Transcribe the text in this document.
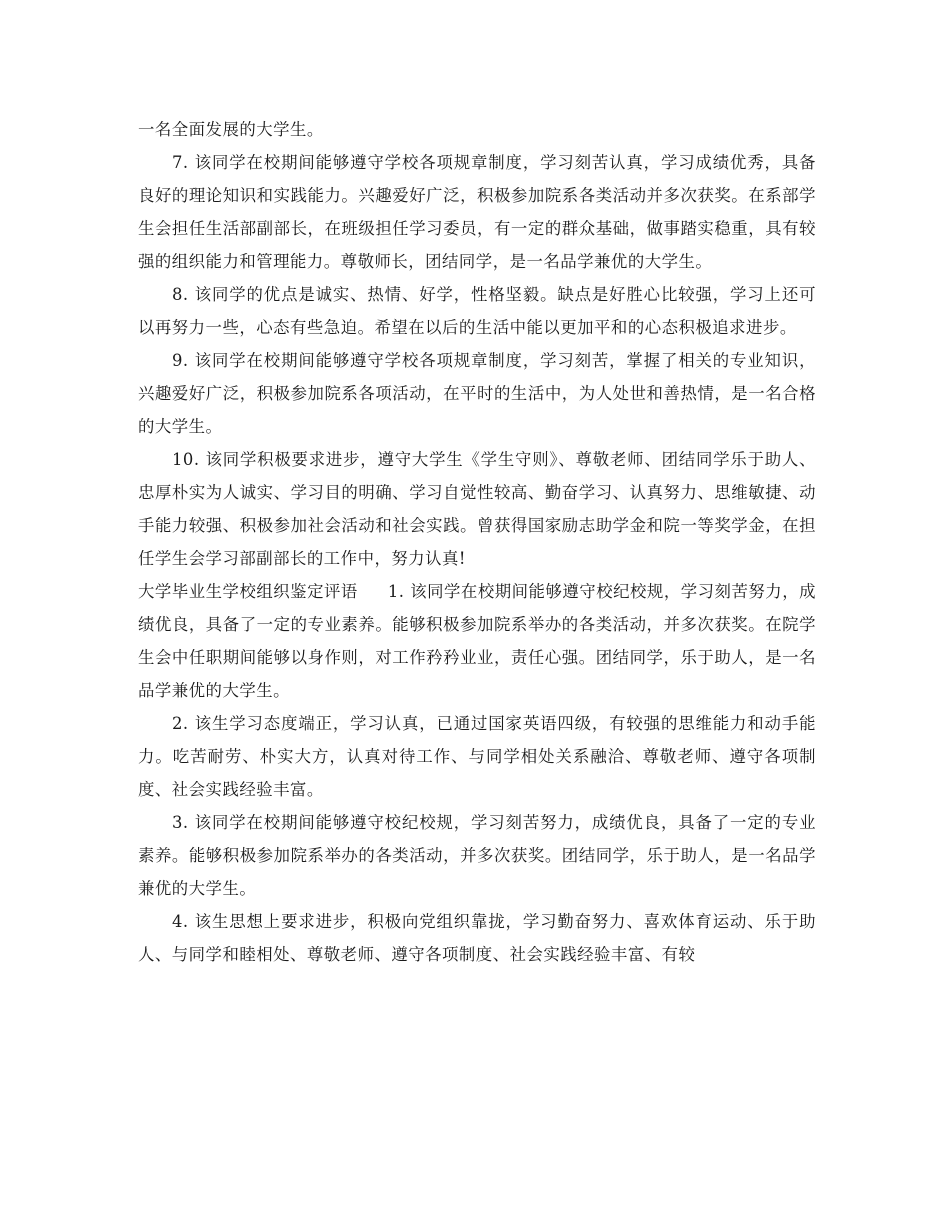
一名全面发展的大学生。

7. 该同学在校期间能够遵守学校各项规章制度，学习刻苦认真，学习成绩优秀，具备良好的理论知识和实践能力。兴趣爱好广泛，积极参加院系各类活动并多次获奖。在系部学生会担任生活部副部长，在班级担任学习委员，有一定的群众基础，做事踏实稳重，具有较强的组织能力和管理能力。尊敬师长，团结同学，是一名品学兼优的大学生。

8. 该同学的优点是诚实、热情、好学，性格坚毅。缺点是好胜心比较强，学习上还可以再努力一些，心态有些急迫。希望在以后的生活中能以更加平和的心态积极追求进步。

9. 该同学在校期间能够遵守学校各项规章制度，学习刻苦，掌握了相关的专业知识，兴趣爱好广泛，积极参加院系各项活动，在平时的生活中，为人处世和善热情，是一名合格的大学生。

10. 该同学积极要求进步，遵守大学生《学生守则》、尊敬老师、团结同学乐于助人、忠厚朴实为人诚实、学习目的明确、学习自觉性较高、勤奋学习、认真努力、思维敏捷、动手能力较强、积极参加社会活动和社会实践。曾获得国家励志助学金和院一等奖学金，在担任学生会学习部副部长的工作中，努力认真!

大学毕业生学校组织鉴定评语 1. 该同学在校期间能够遵守校纪校规，学习刻苦努力，成绩优良，具备了一定的专业素养。能够积极参加院系举办的各类活动，并多次获奖。在院学生会中任职期间能够以身作则，对工作矜矜业业，责任心强。团结同学，乐于助人，是一名品学兼优的大学生。

2. 该生学习态度端正，学习认真，已通过国家英语四级，有较强的思维能力和动手能力。吃苦耐劳、朴实大方，认真对待工作、与同学相处关系融洽、尊敬老师、遵守各项制度、社会实践经验丰富。

3. 该同学在校期间能够遵守校纪校规，学习刻苦努力，成绩优良，具备了一定的专业素养。能够积极参加院系举办的各类活动，并多次获奖。团结同学，乐于助人，是一名品学兼优的大学生。

4. 该生思想上要求进步，积极向党组织靠拢，学习勤奋努力、喜欢体育运动、乐于助人、与同学和睦相处、尊敬老师、遵守各项制度、社会实践经验丰富、有较
